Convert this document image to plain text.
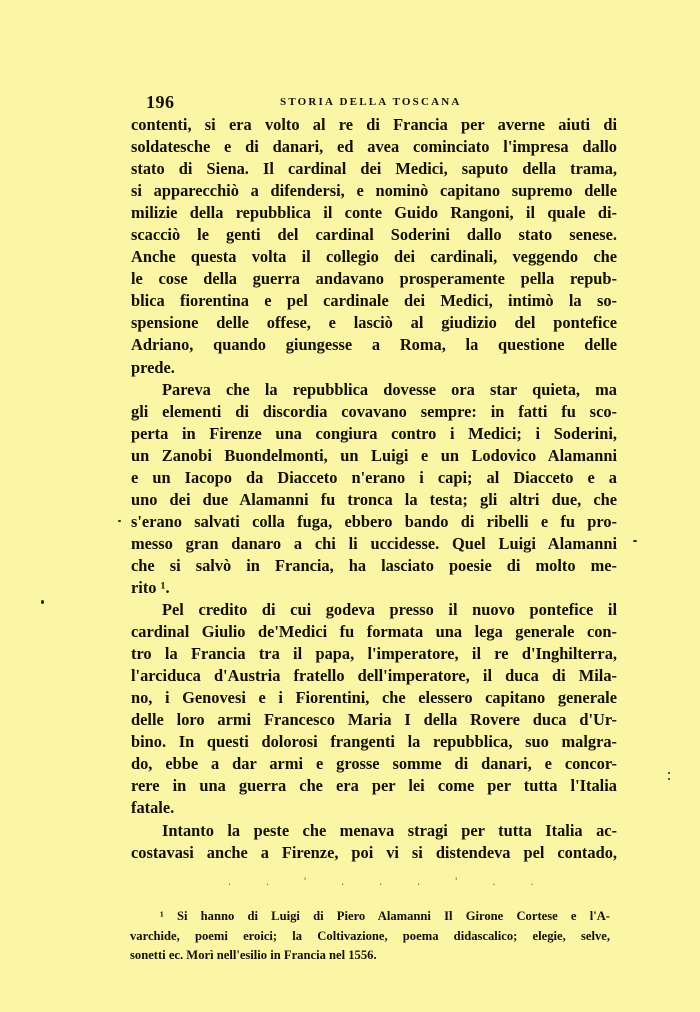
196	STORIA DELLA TOSCANA
contenti, si era volto al re di Francia per averne aiuti di
soldatesche e di danari, ed avea cominciato l'impresa dallo
stato di Siena. Il cardinal dei Medici, saputo della trama,
si apparecchiò a difendersi, e nominò capitano supremo delle
milizie della repubblica il conte Guido Rangoni, il quale di-
scacciò le genti del cardinal Soderini dallo stato senese.
Anche questa volta il collegio dei cardinali, veggendo che
le cose della guerra andavano prosperamente pella repub-
blica fiorentina e pel cardinale dei Medici, intimò la so-
spensione delle offese, e lasciò al giudizio del pontefice
Adriano, quando giungesse a Roma, la questione delle
prede.
Pareva che la repubblica dovesse ora star quieta, ma
gli elementi di discordia covavano sempre: in fatti fu sco-
perta in Firenze una congiura contro i Medici; i Soderini,
un Zanobi Buondelmonti, un Luigi e un Lodovico Alamanni
e un Iacopo da Diacceto n'erano i capi; al Diacceto e a
uno dei due Alamanni fu tronca la testa; gli altri due, che
s'erano salvati colla fuga, ebbero bando di ribelli e fu pro-
messo gran danaro a chi li uccidesse. Quel Luigi Alamanni
che si salvò in Francia, ha lasciato poesie di molto me-
rito ¹.
Pel credito di cui godeva presso il nuovo pontefice il
cardinal Giulio de'Medici fu formata una lega generale con-
tro la Francia tra il papa, l'imperatore, il re d'Inghilterra,
l'arciduca d'Austria fratello dell'imperatore, il duca di Mila-
no, i Genovesi e i Fiorentini, che elessero capitano generale
delle loro armi Francesco Maria I della Rovere duca d'Ur-
bino. In questi dolorosi frangenti la repubblica, suo malgra-
do, ebbe a dar armi e grosse somme di danari, e concor-
rere in una guerra che era per lei come per tutta l'Italia
fatale.
Intanto la peste che menava stragi per tutta Italia ac-
costavasi anche a Firenze, poi vi si distendeva pel contado,
. . ' . . . ' . .
¹ Si hanno di Luigi di Piero Alamanni Il Girone Cortese e l'A-
varchide, poemi eroici; la Coltivazione, poema didascalico; elegie, selve,
sonetti ec. Morì nell'esilio in Francia nel 1556.
